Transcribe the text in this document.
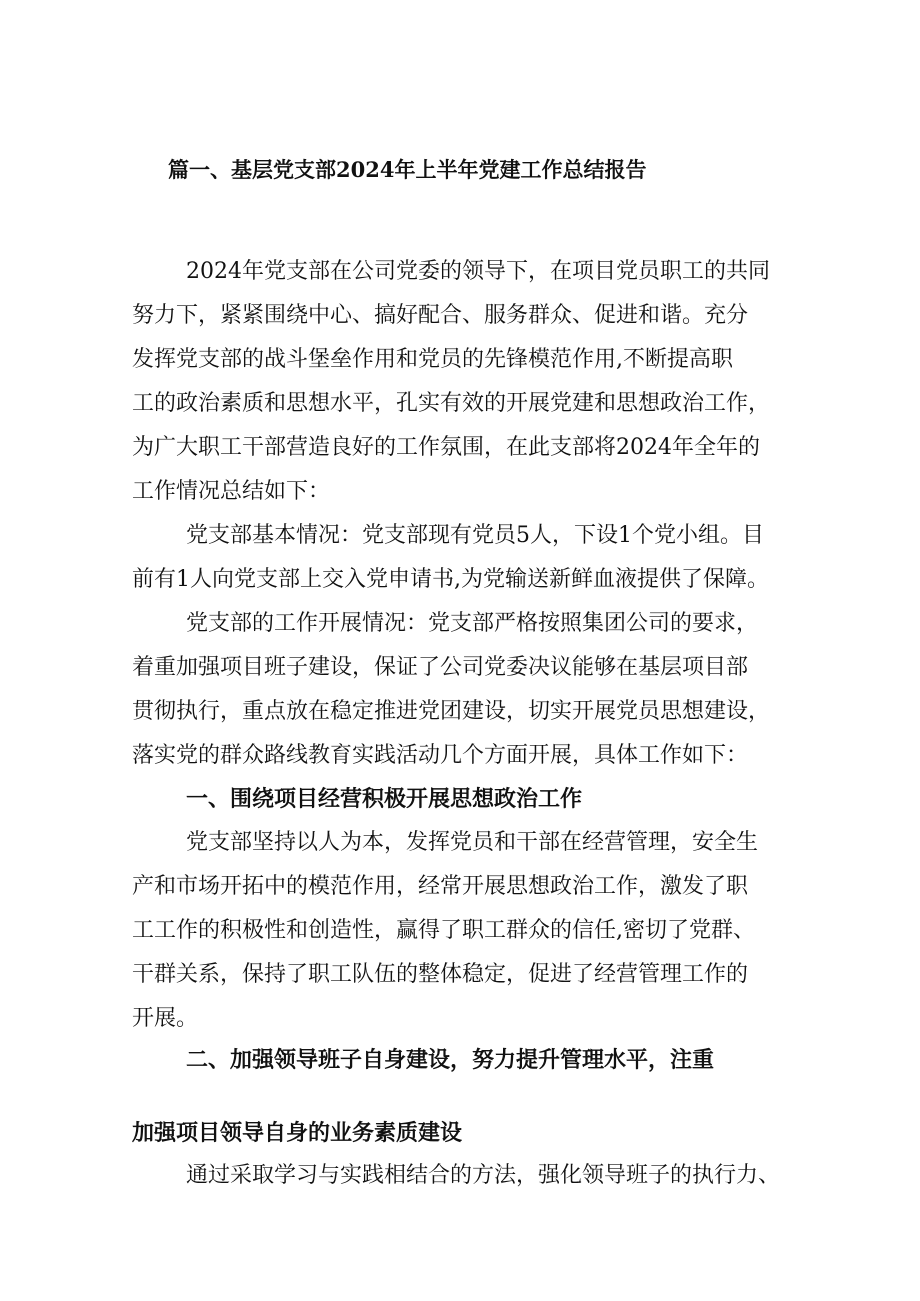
篇一、基层党支部2024年上半年党建工作总结报告

2024年党支部在公司党委的领导下，在项目党员职工的共同

努力下，紧紧围绕中心、搞好配合、服务群众、促进和谐。充分

发挥党支部的战斗堡垒作用和党员的先锋模范作用,不断提高职

工的政治素质和思想水平，孔实有效的开展党建和思想政治工作，

为广大职工干部营造良好的工作氛围，在此支部将2024年全年的

工作情况总结如下：

党支部基本情况：党支部现有党员5人，下设1个党小组。目

前有1人向党支部上交入党申请书,为党输送新鲜血液提供了保障。

党支部的工作开展情况：党支部严格按照集团公司的要求，

着重加强项目班子建设，保证了公司党委决议能够在基层项目部

贯彻执行，重点放在稳定推进党团建设，切实开展党员思想建设，

落实党的群众路线教育实践活动几个方面开展，具体工作如下：

一、围绕项目经营积极开展思想政治工作

党支部坚持以人为本，发挥党员和干部在经营管理，安全生

产和市场开拓中的模范作用，经常开展思想政治工作，激发了职

工工作的积极性和创造性，赢得了职工群众的信任,密切了党群、

干群关系，保持了职工队伍的整体稳定，促进了经营管理工作的

开展。

二、加强领导班子自身建设，努力提升管理水平，注重
加强项目领导自身的业务素质建设

通过采取学习与实践相结合的方法，强化领导班子的执行力、
